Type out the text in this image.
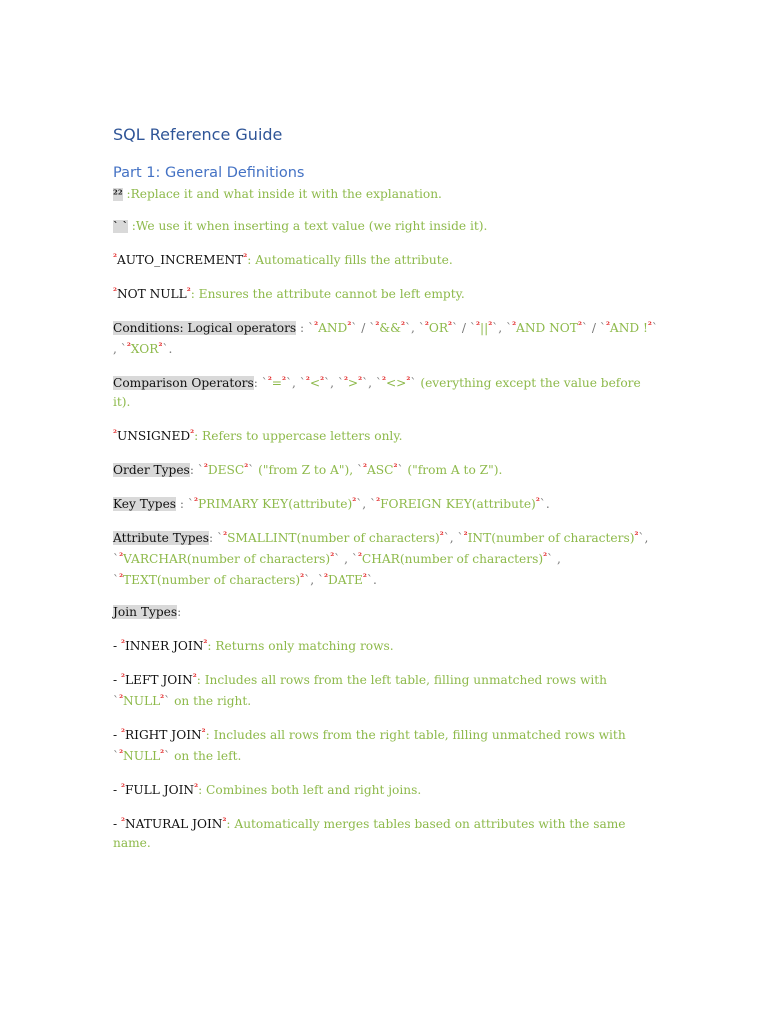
SQL Reference Guide
Part 1: General Definitions
²² :Replace it and what inside it with the explanation.
` ` :We use it when inserting a text value (we right inside it).
$^{^2}AUTO\_INCREMENT^{^2}$: Automatically fills the attribute.
$^{^2}$NOT $NULL^{^2}$: Ensures the attribute cannot be left empty.
Conditions: Logical operators : $`^{^2}AND^{^2}`$ / `$^{^2}$&&$^{^2}$`, $`^{^2}OR^{^2}`$ / $`^{^2}||^{^2}`$, `$^{^2}$AND $NOT^{^2}`$ / `$^{^2}$AND !$^{^2}$` , $`^{^2}XOR^{^2}`$.
Comparison Operators: `$^{^2}$=$^{^2}$`, `$^{^2}$<$^{^2}$`, `$^{^2}$>$^{^2}$`, `$^{^2}$<>$^{^2}$` (everything except the value before it).
$^{^2}UNSIGNED^{^2}$: Refers to uppercase letters only.
Order Types: $`^{^2}DESC^{^2}`$ ("from Z to A"), $`^{^2}ASC^{^2}`$ ("from A to Z").
Key Types : `$^{^2}$PRIMARY KEY(attribute)$^{^2}$`, `$^{^2}$FOREIGN KEY(attribute)$^{^2}$`.
Attribute Types: `$^{^2}$SMALLINT(number of characters)$^{^2}$`, `$^{^2}$INT(number of characters)$^{^2}$`, `$^{^2}$VARCHAR(number of characters)$^{^2}$` , `$^{^2}$CHAR(number of characters)$^{^2}$` , `$^{^2}$TEXT(number of characters)$^{^2}$`, $`^{^2}DATE^{^2}`$.
Join Types:
- $^{^2}$INNER $JOIN^{^2}$: Returns only matching rows.
- $^{^2}$LEFT $JOIN^{^2}$: Includes all rows from the left table, filling unmatched rows with $`^{^2}NULL^{^2}`$ on the right.
- $^{^2}$RIGHT $JOIN^{^2}$: Includes all rows from the right table, filling unmatched rows with $`^{^2}NULL^{^2}`$ on the left.
- $^{^2}$FULL $JOIN^{^2}$: Combines both left and right joins.
- $^{^2}$NATURAL $JOIN^{^2}$: Automatically merges tables based on attributes with the same name.
